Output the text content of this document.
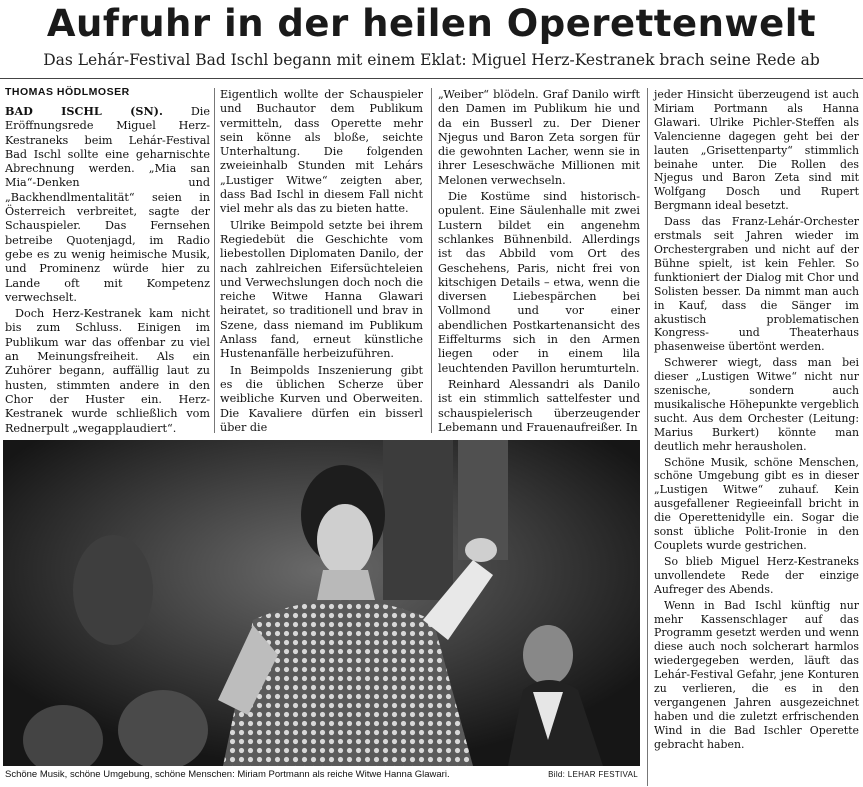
Aufruhr in der heilen Operettenwelt
Das Lehár-Festival Bad Ischl begann mit einem Eklat: Miguel Herz-Kestranek brach seine Rede ab
THOMAS HÖDLMOSER

BAD ISCHL (SN). Die Eröffnungsrede Miguel Herz-Kestraneks beim Lehár-Festival Bad Ischl sollte eine geharnischte Abrechnung werden. „Mia san Mia“-Denken und „Backhendlmentalität“ seien in Österreich verbreitet, sagte der Schauspieler. Das Fernsehen betreibe Quotenjagd, im Radio gebe es zu wenig heimische Musik, und Prominenz würde hier zu Lande oft mit Kompetenz verwechselt.

Doch Herz-Kestranek kam nicht bis zum Schluss. Einigen im Publikum war das offenbar zu viel an Meinungsfreiheit. Als ein Zuhörer begann, auffällig laut zu husten, stimmten andere in den Chor der Huster ein. Herz-Kestranek wurde schließlich vom Rednerpult „wegapplaudiert“.

Eigentlich wollte der Schauspieler und Buchautor dem Publikum vermitteln, dass Operette mehr sein könne als bloße, seichte Unterhaltung. Die folgenden zweieinhalb Stunden mit Lehárs „Lustiger Witwe“ zeigten aber, dass Bad Ischl in diesem Fall nicht viel mehr als das zu bieten hatte.

Ulrike Beimpold setzte bei ihrem Regiedebüt die Geschichte vom liebestollen Diplomaten Danilo, der nach zahlreichen Eifersüchteleien und Verwechslungen doch noch die reiche Witwe Hanna Glawari heiratet, so traditionell und brav in Szene, dass niemand im Publikum Anlass fand, erneut künstliche Hustenanfälle herbeizuführen.

In Beimpolds Inszenierung gibt es die üblichen Scherze über weibliche Kurven und Oberweiten. Die Kavaliere dürfen ein bisserl über die

„Weiber“ blödeln. Graf Danilo wirft den Damen im Publikum hie und da ein Busserl zu. Der Diener Njegus und Baron Zeta sorgen für die gewohnten Lacher, wenn sie in ihrer Leseschwäche Millionen mit Melonen verwechseln.

Die Kostüme sind historisch-opulent. Eine Säulenhalle mit zwei Lustern bildet ein angenehm schlankes Bühnenbild. Allerdings ist das Abbild vom Ort des Geschehens, Paris, nicht frei von kitschigen Details – etwa, wenn die diversen Liebespärchen bei Vollmond und vor einer abendlichen Postkartenansicht des Eiffelturms sich in den Armen liegen oder in einem lila leuchtenden Pavillon herumturteln.

Reinhard Alessandri als Danilo ist ein stimmlich sattelfester und schauspielerisch überzeugender Lebemann und Frauenaufreißer. In

jeder Hinsicht überzeugend ist auch Miriam Portmann als Hanna Glawari. Ulrike Pichler-Steffen als Valencienne dagegen geht bei der lauten „Grisettenparty“ stimmlich beinahe unter. Die Rollen des Njegus und Baron Zeta sind mit Wolfgang Dosch und Rupert Bergmann ideal besetzt.

Dass das Franz-Lehár-Orchester erstmals seit Jahren wieder im Orchestergraben und nicht auf der Bühne spielt, ist kein Fehler. So funktioniert der Dialog mit Chor und Solisten besser. Da nimmt man auch in Kauf, dass die Sänger im akustisch problematischen Kongress- und Theaterhaus phasenweise übertönt werden.

Schwerer wiegt, dass man bei dieser „Lustigen Witwe“ nicht nur szenische, sondern auch musikalische Höhepunkte vergeblich sucht. Aus dem Orchester (Leitung: Marius Burkert) könnte man deutlich mehr herausholen.

Schöne Musik, schöne Menschen, schöne Umgebung gibt es in dieser „Lustigen Witwe“ zuhauf. Kein ausgefallener Regieeinfall bricht in die Operettenidylle ein. Sogar die sonst übliche Polit-Ironie in den Couplets wurde gestrichen.

So blieb Miguel Herz-Kestraneks unvollendete Rede der einzige Aufreger des Abends.

Wenn in Bad Ischl künftig nur mehr Kassenschlager auf das Programm gesetzt werden und wenn diese auch noch solcherart harmlos wiedergegeben werden, läuft das Lehár-Festival Gefahr, jene Konturen zu verlieren, die es in den vergangenen Jahren ausgezeichnet haben und die zuletzt erfrischenden Wind in die Bad Ischler Operette gebracht haben.

Schöne Musik, schöne Umgebung, schöne Menschen: Miriam Portmann als reiche Witwe Hanna Glawari.	Bild: LEHAR FESTIVAL
